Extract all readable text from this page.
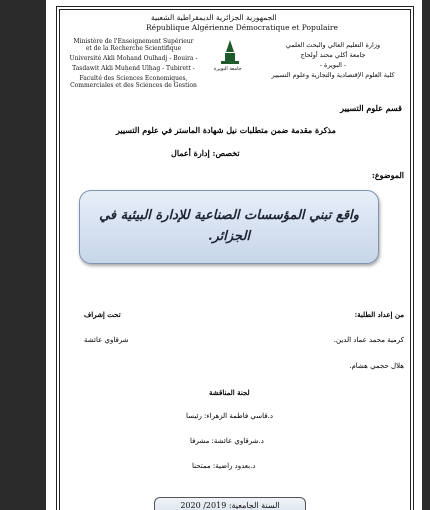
الجمهورية الجزائرية الديمقراطية الشعبية
République Algérienne Démocratique et Populaire
Ministère de l'Enseignement Supérieur
et de la Recherche Scientifique
Université Akli Mohand Oulhadj - Bouira -
Tasdawit Akli Muḥend Ulḥag - Tubirett -
Faculté des Sciences Economiques,
Commerciales et des Sciences de Gestion
جامعة البويرة
وزارة التعليم العالي والبحث العلمي
جامعة أكلي محند أولحاج
- البويرة -
كلية العلوم الإقتصادية والتجارية وعلوم التسيير
قسم علوم التسيير
مذكرة مقدمة ضمن متطلبات نيل شهادة الماستر في علوم التسيير
تخصص: إدارة أعمال
الموضوع:
واقع تبني المؤسسات الصناعية للإدارة البيئية في الجزائر.
من إعداد الطلبة:
تحت إشراف
كرمية محمد عماد الدين.
شرقاوي عائشة
هلال حجمي هشام.
لجنة المناقشة
د.قاسي فاطمة الزهراء: رئيسا
د.شرقاوي عائشة: مشرفا
د.بعدود راضية: ممتحنا
السنة الجامعية: 2019/ 2020
